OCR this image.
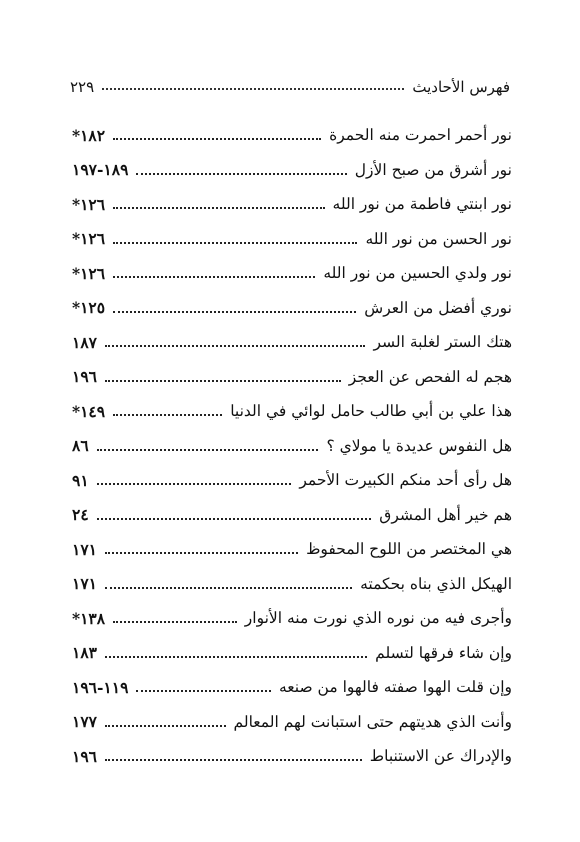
فهرس الأحاديث
٢٢٩
نور أحمر احمرت منه الحمرة
١٨٢*
نور أشرق من صبح الأزل
١٨٩-١٩٧
نور ابنتي فاطمة من نور الله
١٢٦*
نور الحسن من نور الله
١٢٦*
نور ولدي الحسين من نور الله
١٢٦*
نوري أفضل من العرش
١٢٥*
هتك الستر لغلبة السر
١٨٧
هجم له الفحص عن العجز
١٩٦
هذا علي بن أبي طالب حامل لوائي في الدنيا
١٤٩*
هل النفوس عديدة يا مولاي ؟
٨٦
هل رأى أحد منكم الكبيرت الأحمر
٩١
هم خير أهل المشرق
٢٤
هي المختصر من اللوح المحفوظ
١٧١
الهيكل الذي بناه بحكمته
١٧١
وأجرى فيه من نوره الذي نورت منه الأنوار
١٣٨*
وإن شاء فرقها لتسلم
١٨٣
وإن قلت الهوا صفته فالهوا من صنعه
١١٩-١٩٦
وأنت الذي هديتهم حتى استبانت لهم المعالم
١٧٧
والإدراك عن الاستنباط
١٩٦
